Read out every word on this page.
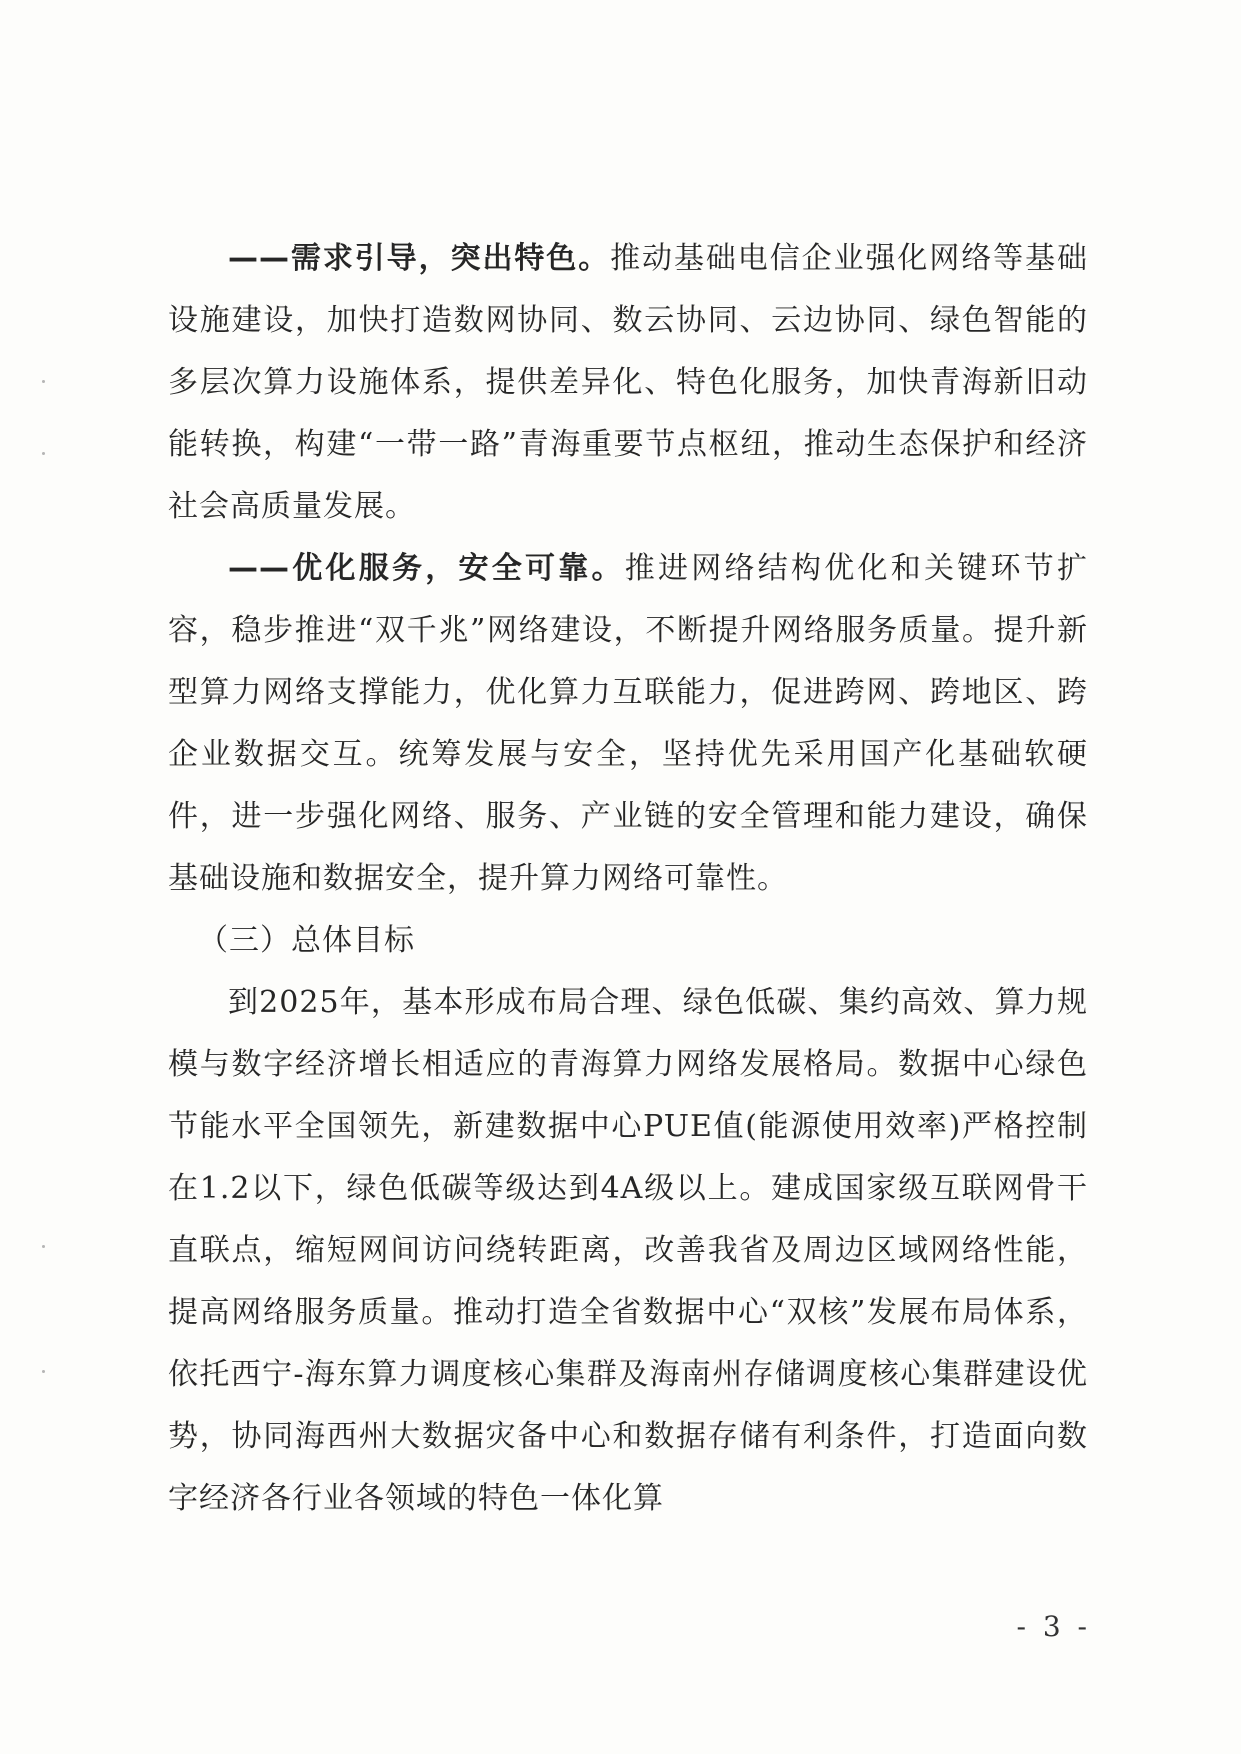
——需求引导，突出特色。推动基础电信企业强化网络等基础设施建设，加快打造数网协同、数云协同、云边协同、绿色智能的多层次算力设施体系，提供差异化、特色化服务，加快青海新旧动能转换，构建“一带一路”青海重要节点枢纽，推动生态保护和经济社会高质量发展。

——优化服务，安全可靠。推进网络结构优化和关键环节扩容，稳步推进“双千兆”网络建设，不断提升网络服务质量。提升新型算力网络支撑能力，优化算力互联能力，促进跨网、跨地区、跨企业数据交互。统筹发展与安全，坚持优先采用国产化基础软硬件，进一步强化网络、服务、产业链的安全管理和能力建设，确保基础设施和数据安全，提升算力网络可靠性。

（三）总体目标

到2025年，基本形成布局合理、绿色低碳、集约高效、算力规模与数字经济增长相适应的青海算力网络发展格局。数据中心绿色节能水平全国领先，新建数据中心PUE值(能源使用效率)严格控制在1.2以下，绿色低碳等级达到4A级以上。建成国家级互联网骨干直联点，缩短网间访问绕转距离，改善我省及周边区域网络性能，提高网络服务质量。推动打造全省数据中心“双核”发展布局体系，依托西宁-海东算力调度核心集群及海南州存储调度核心集群建设优势，协同海西州大数据灾备中心和数据存储有利条件，打造面向数字经济各行业各领域的特色一体化算

- 3 -
